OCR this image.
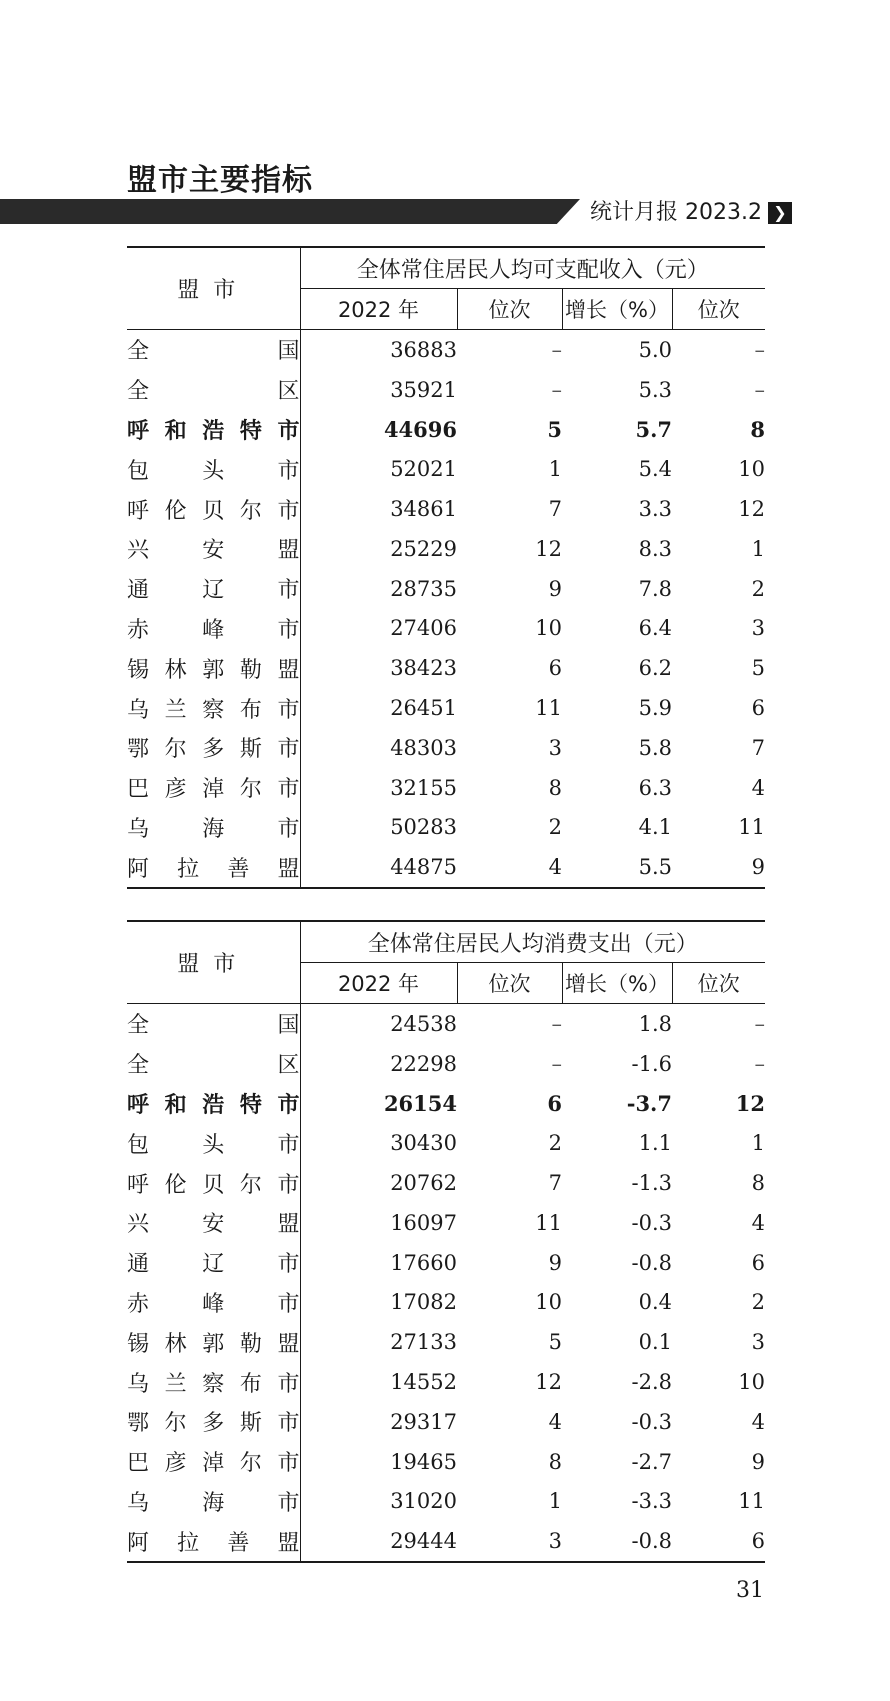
盟市主要指标
统计月报 2023.2 ❯
盟市	全体常住居民人均可支配收入（元）			
	2022 年	位次	增长（%）	位次
全国	36883	–	5.0	–
全区	35921	–	5.3	–
呼和浩特市	44696	5	5.7	8
包头市	52021	1	5.4	10
呼伦贝尔市	34861	7	3.3	12
兴安盟	25229	12	8.3	1
通辽市	28735	9	7.8	2
赤峰市	27406	10	6.4	3
锡林郭勒盟	38423	6	6.2	5
乌兰察布市	26451	11	5.9	6
鄂尔多斯市	48303	3	5.8	7
巴彦淖尔市	32155	8	6.3	4
乌海市	50283	2	4.1	11
阿拉善盟	44875	4	5.5	9
盟市	全体常住居民人均消费支出（元）			
	2022 年	位次	增长（%）	位次
全国	24538	–	1.8	–
全区	22298	–	-1.6	–
呼和浩特市	26154	6	-3.7	12
包头市	30430	2	1.1	1
呼伦贝尔市	20762	7	-1.3	8
兴安盟	16097	11	-0.3	4
通辽市	17660	9	-0.8	6
赤峰市	17082	10	0.4	2
锡林郭勒盟	27133	5	0.1	3
乌兰察布市	14552	12	-2.8	10
鄂尔多斯市	29317	4	-0.3	4
巴彦淖尔市	19465	8	-2.7	9
乌海市	31020	1	-3.3	11
阿拉善盟	29444	3	-0.8	6
31
